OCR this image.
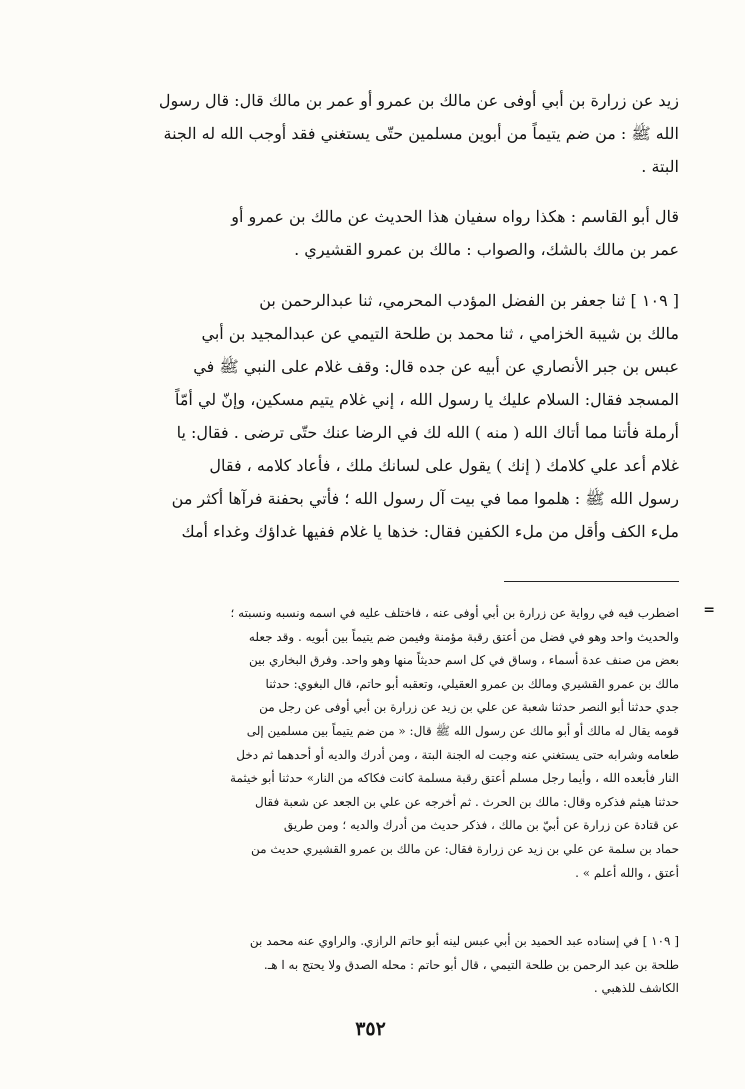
زيد عن زرارة بن أبي أوفى عن مالك بن عمرو أو عمر بن مالك قال: قال رسول
الله ﷺ : من ضم يتيماً من أبوين مسلمين حتّى يستغني فقد أوجب الله له الجنة
البتة .
قال أبو القاسم : هكذا رواه سفيان هذا الحديث عن مالك بن عمرو أو
عمر بن مالك بالشك، والصواب : مالك بن عمرو القشيري .
[ ١٠٩ ] ثنا جعفر بن الفضل المؤدب المحرمي، ثنا عبدالرحمن بن
مالك بن شيبة الخزامي ، ثنا محمد بن طلحة التيمي عن عبدالمجيد بن أبي
عبس بن جبر الأنصاري عن أبيه عن جده قال: وقف غلام على النبي ﷺ في
المسجد فقال: السلام عليك يا رسول الله ، إني غلام يتيم مسكين، وإنّ لي أمّاً
أرملة فأتنا مما أتاك الله ( منه ) الله لك في الرضا عنك حتّى ترضى . فقال: يا
غلام أعد علي كلامك ( إنك ) يقول على لسانك ملك ، فأعاد كلامه ، فقال
رسول الله ﷺ : هلموا مما في بيت آل رسول الله ؛ فأتي بحفنة فرآها أكثر من
ملء الكف وأقل من ملء الكفين فقال: خذها يا غلام ففيها غداؤك وغداء أمك
=
اضطرب فيه في رواية عن زرارة بن أبي أوفى عنه ، فاختلف عليه في اسمه ونسبه ونسبته ؛
والحديث واحد وهو في فضل من أعتق رقبة مؤمنة وفيمن ضم يتيماً بين أبويه . وقد جعله
بعض من صنف عدة أسماء ، وساق في كل اسم حديثاً منها وهو واحد. وفرق البخاري بين
مالك بن عمرو القشيري ومالك بن عمرو العقيلي، وتعقبه أبو حاتم، قال البغوي: حدثنا
جدي حدثنا أبو النصر حدثنا شعبة عن علي بن زيد عن زرارة بن أبي أوفى عن رجل من
قومه يقال له مالك أو أبو مالك عن رسول الله ﷺ قال: « من ضم يتيماً بين مسلمين إلى
طعامه وشرابه حتى يستغني عنه وجبت له الجنة البتة ، ومن أدرك والديه أو أحدهما ثم دخل
النار فأبعده الله ، وأيما رجل مسلم أعتق رقبة مسلمة كانت فكاكه من النار» حدثنا أبو خيثمة
حدثنا هيثم فذكره وقال: مالك بن الحرث . ثم أخرجه عن علي بن الجعد عن شعبة فقال
عن قتادة عن زرارة عن أبيّ بن مالك ، فذكر حديث من أدرك والديه ؛ ومن طريق
حماد بن سلمة عن علي بن زيد عن زرارة فقال: عن مالك بن عمرو القشيري حديث من
أعتق ، والله أعلم » .
[ ١٠٩ ] في إسناده عبد الحميد بن أبي عبس لينه أبو حاتم الرازي. والراوي عنه محمد بن
طلحة بن عبد الرحمن بن طلحة التيمي ، قال أبو حاتم : محله الصدق ولا يحتج به ا هـ.
الكاشف للذهبي .
٣٥٢
